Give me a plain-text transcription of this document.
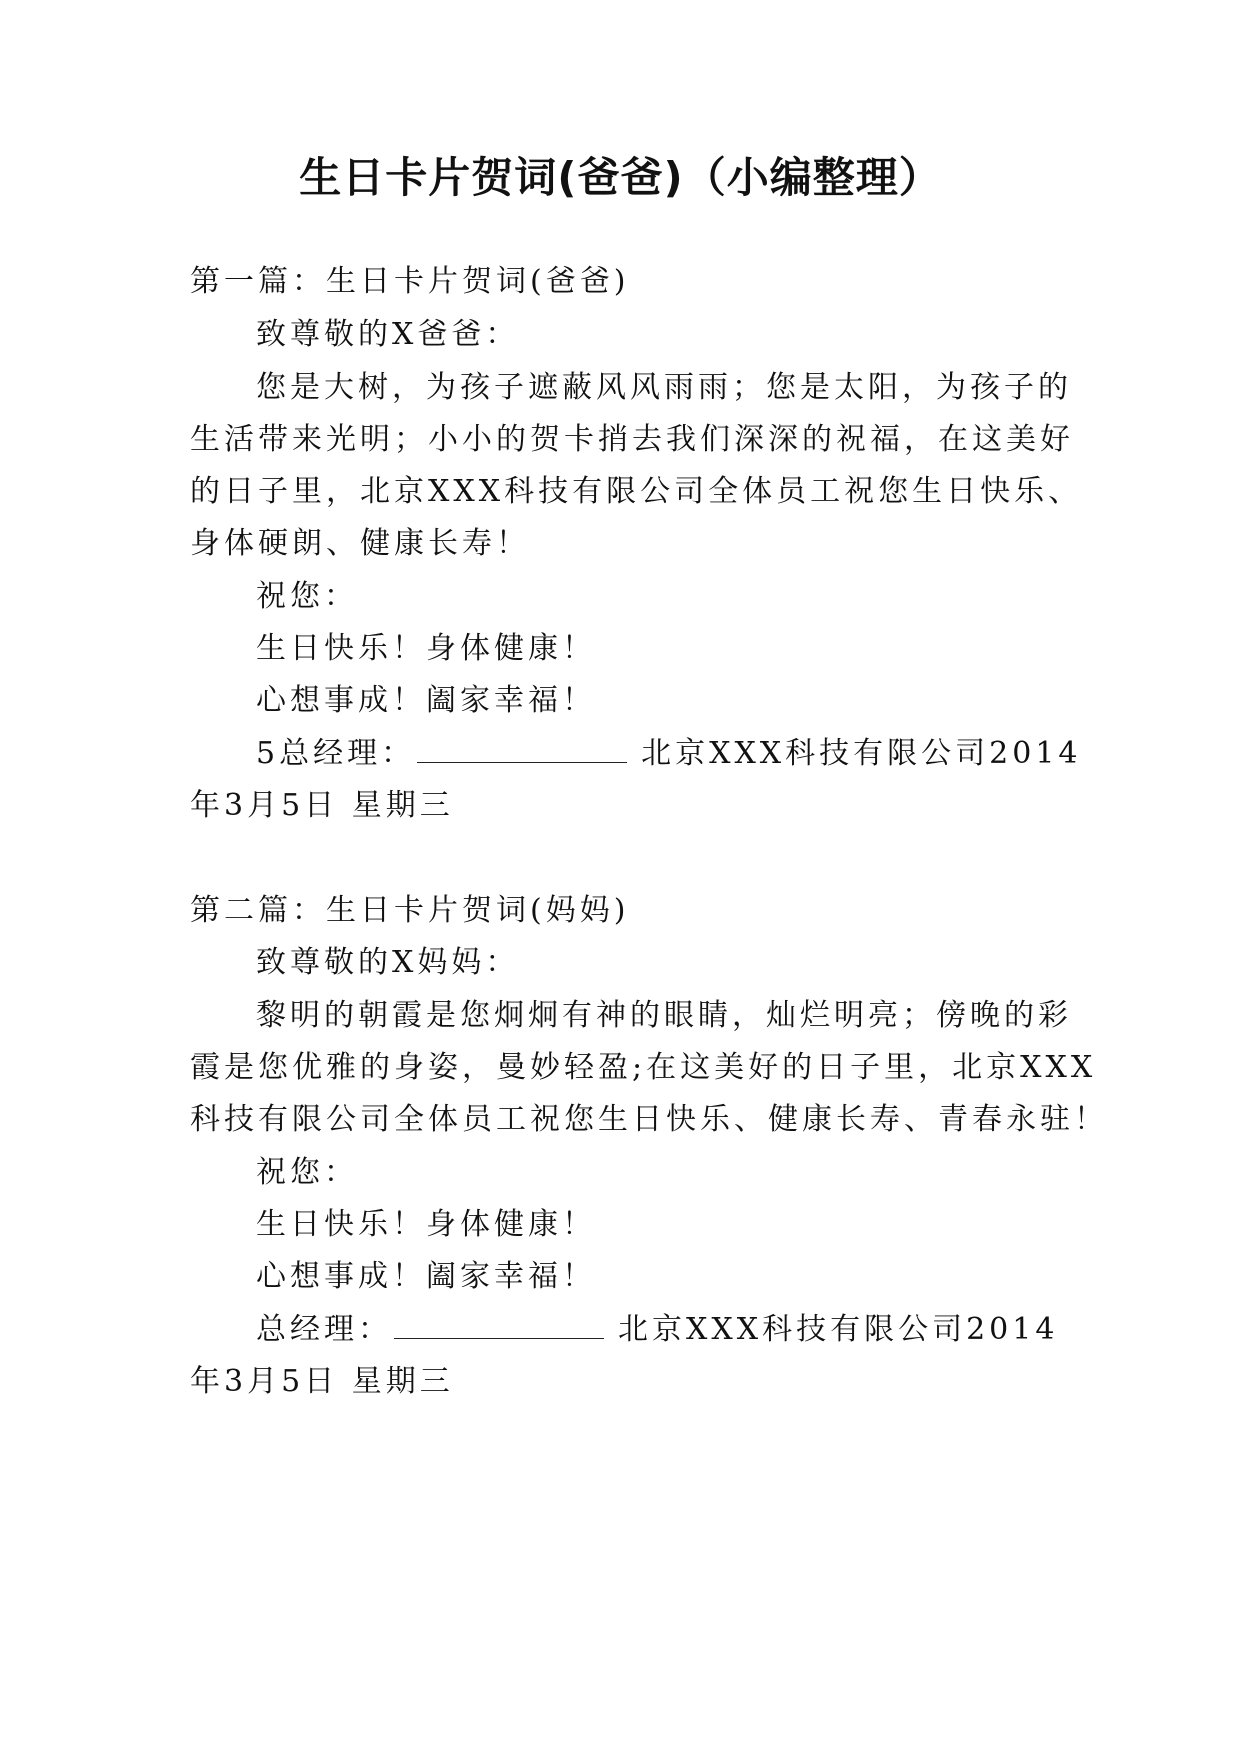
生日卡片贺词(爸爸)（小编整理）
第一篇：生日卡片贺词(爸爸)
致尊敬的X爸爸：
您是大树，为孩子遮蔽风风雨雨；您是太阳，为孩子的
生活带来光明；小小的贺卡捎去我们深深的祝福，在这美好
的日子里，北京XXX科技有限公司全体员工祝您生日快乐、
身体硬朗、健康长寿！
祝您：
生日快乐！身体健康！
心想事成！阖家幸福！
5总经理：	北京XXX科技有限公司2014
年3月5日 星期三
第二篇：生日卡片贺词(妈妈)
致尊敬的X妈妈：
黎明的朝霞是您炯炯有神的眼睛，灿烂明亮；傍晚的彩
霞是您优雅的身姿，曼妙轻盈;在这美好的日子里，北京XXX
科技有限公司全体员工祝您生日快乐、健康长寿、青春永驻！
祝您：
生日快乐！身体健康！
心想事成！阖家幸福！
总经理：	北京XXX科技有限公司2014
年3月5日 星期三
